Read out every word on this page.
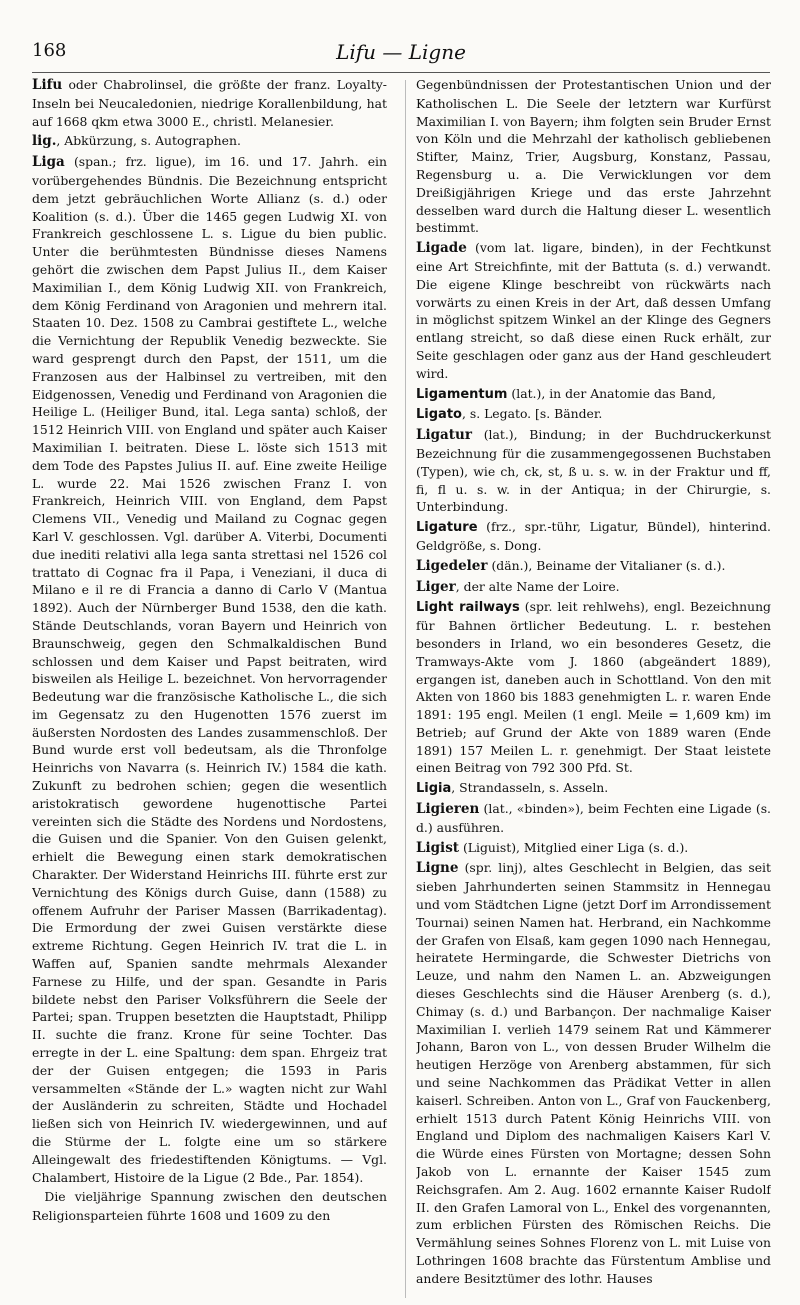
168	Lifu — Ligne

Lifu oder Chabrolinsel, die größte der franz. Loyalty-Inseln bei Neucaledonien, niedrige Korallenbildung, hat auf 1668 qkm etwa 3000 E., christl. Melanesier.

lig., Abkürzung, s. Autographen.

Liga (span.; frz. ligue), im 16. und 17. Jahrh. ein vorübergehendes Bündnis. Die Bezeichnung entspricht dem jetzt gebräuchlichen Worte Allianz (s. d.) oder Koalition (s. d.). Über die 1465 gegen Ludwig XI. von Frankreich geschlossene L. s. Ligue du bien public. Unter die berühmtesten Bündnisse dieses Namens gehört die zwischen dem Papst Julius II., dem Kaiser Maximilian I., dem König Ludwig XII. von Frankreich, dem König Ferdinand von Aragonien und mehrern ital. Staaten 10. Dez. 1508 zu Cambrai gestiftete L., welche die Vernichtung der Republik Venedig bezweckte. Sie ward gesprengt durch den Papst, der 1511, um die Franzosen aus der Halbinsel zu vertreiben, mit den Eidgenossen, Venedig und Ferdinand von Aragonien die Heilige L. (Heiliger Bund, ital. Lega santa) schloß, der 1512 Heinrich VIII. von England und später auch Kaiser Maximilian I. beitraten. Diese L. löste sich 1513 mit dem Tode des Papstes Julius II. auf. Eine zweite Heilige L. wurde 22. Mai 1526 zwischen Franz I. von Frankreich, Heinrich VIII. von England, dem Papst Clemens VII., Venedig und Mailand zu Cognac gegen Karl V. geschlossen. Vgl. darüber A. Viterbi, Documenti due inediti relativi alla lega santa strettasi nel 1526 col trattato di Cognac fra il Papa, i Veneziani, il duca di Milano e il re di Francia a danno di Carlo V (Mantua 1892). Auch der Nürnberger Bund 1538, den die kath. Stände Deutschlands, voran Bayern und Heinrich von Braunschweig, gegen den Schmalkaldischen Bund schlossen und dem Kaiser und Papst beitraten, wird bisweilen als Heilige L. bezeichnet. Von hervorragender Bedeutung war die französische Katholische L., die sich im Gegensatz zu den Hugenotten 1576 zuerst im äußersten Nordosten des Landes zusammenschloß. Der Bund wurde erst voll bedeutsam, als die Thronfolge Heinrichs von Navarra (s. Heinrich IV.) 1584 die kath. Zukunft zu bedrohen schien; gegen die wesentlich aristokratisch gewordene hugenottische Partei vereinten sich die Städte des Nordens und Nordostens, die Guisen und die Spanier. Von den Guisen gelenkt, erhielt die Bewegung einen stark demokratischen Charakter. Der Widerstand Heinrichs III. führte erst zur Vernichtung des Königs durch Guise, dann (1588) zu offenem Aufruhr der Pariser Massen (Barrikadentag). Die Ermordung der zwei Guisen verstärkte diese extreme Richtung. Gegen Heinrich IV. trat die L. in Waffen auf, Spanien sandte mehrmals Alexander Farnese zu Hilfe, und der span. Gesandte in Paris bildete nebst den Pariser Volksführern die Seele der Partei; span. Truppen besetzten die Hauptstadt, Philipp II. suchte die franz. Krone für seine Tochter. Das erregte in der L. eine Spaltung: dem span. Ehrgeiz trat der der Guisen entgegen; die 1593 in Paris versammelten «Stände der L.» wagten nicht zur Wahl der Ausländerin zu schreiten, Städte und Hochadel ließen sich von Heinrich IV. wiedergewinnen, und auf die Stürme der L. folgte eine um so stärkere Alleingewalt des friedestiftenden Königtums. — Vgl. Chalambert, Histoire de la Ligue (2 Bde., Par. 1854).

 Die vieljährige Spannung zwischen den deutschen Religionsparteien führte 1608 und 1609 zu den

Gegenbündnissen der Protestantischen Union und der Katholischen L. Die Seele der letztern war Kurfürst Maximilian I. von Bayern; ihm folgten sein Bruder Ernst von Köln und die Mehrzahl der katholisch gebliebenen Stifter, Mainz, Trier, Augsburg, Konstanz, Passau, Regensburg u. a. Die Verwicklungen vor dem Dreißigjährigen Kriege und das erste Jahrzehnt desselben ward durch die Haltung dieser L. wesentlich bestimmt.

Ligade (vom lat. ligare, binden), in der Fechtkunst eine Art Streichfinte, mit der Battuta (s. d.) verwandt. Die eigene Klinge beschreibt von rückwärts nach vorwärts zu einen Kreis in der Art, daß dessen Umfang in möglichst spitzem Winkel an der Klinge des Gegners entlang streicht, so daß diese einen Ruck erhält, zur Seite geschlagen oder ganz aus der Hand geschleudert wird.

Ligamentum (lat.), in der Anatomie das Band,

Ligato, s. Legato. [s. Bänder.

Ligatur (lat.), Bindung; in der Buchdruckerkunst Bezeichnung für die zusammengegossenen Buchstaben (Typen), wie ch, ck, st, ß u. s. w. in der Fraktur und ff, fi, fl u. s. w. in der Antiqua; in der Chirurgie, s. Unterbindung.

Ligature (frz., spr.-tühr, Ligatur, Bündel), hinterind. Geldgröße, s. Dong.

Ligedeler (dän.), Beiname der Vitalianer (s. d.).

Liger, der alte Name der Loire.

Light railways (spr. leit rehlwehs), engl. Bezeichnung für Bahnen örtlicher Bedeutung. L. r. bestehen besonders in Irland, wo ein besonderes Gesetz, die Tramways-Akte vom J. 1860 (abgeändert 1889), ergangen ist, daneben auch in Schottland. Von den mit Akten von 1860 bis 1883 genehmigten L. r. waren Ende 1891: 195 engl. Meilen (1 engl. Meile = 1,609 km) im Betrieb; auf Grund der Akte von 1889 waren (Ende 1891) 157 Meilen L. r. genehmigt. Der Staat leistete einen Beitrag von 792 300 Pfd. St.

Ligia, Strandasseln, s. Asseln.

Ligieren (lat., «binden»), beim Fechten eine Ligade (s. d.) ausführen.

Ligist (Liguist), Mitglied einer Liga (s. d.).

Ligne (spr. linj), altes Geschlecht in Belgien, das seit sieben Jahrhunderten seinen Stammsitz in Hennegau und vom Städtchen Ligne (jetzt Dorf im Arrondissement Tournai) seinen Namen hat. Herbrand, ein Nachkomme der Grafen von Elsaß, kam gegen 1090 nach Hennegau, heiratete Hermingarde, die Schwester Dietrichs von Leuze, und nahm den Namen L. an. Abzweigungen dieses Geschlechts sind die Häuser Arenberg (s. d.), Chimay (s. d.) und Barbançon. Der nachmalige Kaiser Maximilian I. verlieh 1479 seinem Rat und Kämmerer Johann, Baron von L., von dessen Bruder Wilhelm die heutigen Herzöge von Arenberg abstammen, für sich und seine Nachkommen das Prädikat Vetter in allen kaiserl. Schreiben. Anton von L., Graf von Fauckenberg, erhielt 1513 durch Patent König Heinrichs VIII. von England und Diplom des nachmaligen Kaisers Karl V. die Würde eines Fürsten von Mortagne; dessen Sohn Jakob von L. ernannte der Kaiser 1545 zum Reichsgrafen. Am 2. Aug. 1602 ernannte Kaiser Rudolf II. den Grafen Lamoral von L., Enkel des vorgenannten, zum erblichen Fürsten des Römischen Reichs. Die Vermählung seines Sohnes Florenz von L. mit Luise von Lothringen 1608 brachte das Fürstentum Amblise und andere Besitztümer des lothr. Hauses
